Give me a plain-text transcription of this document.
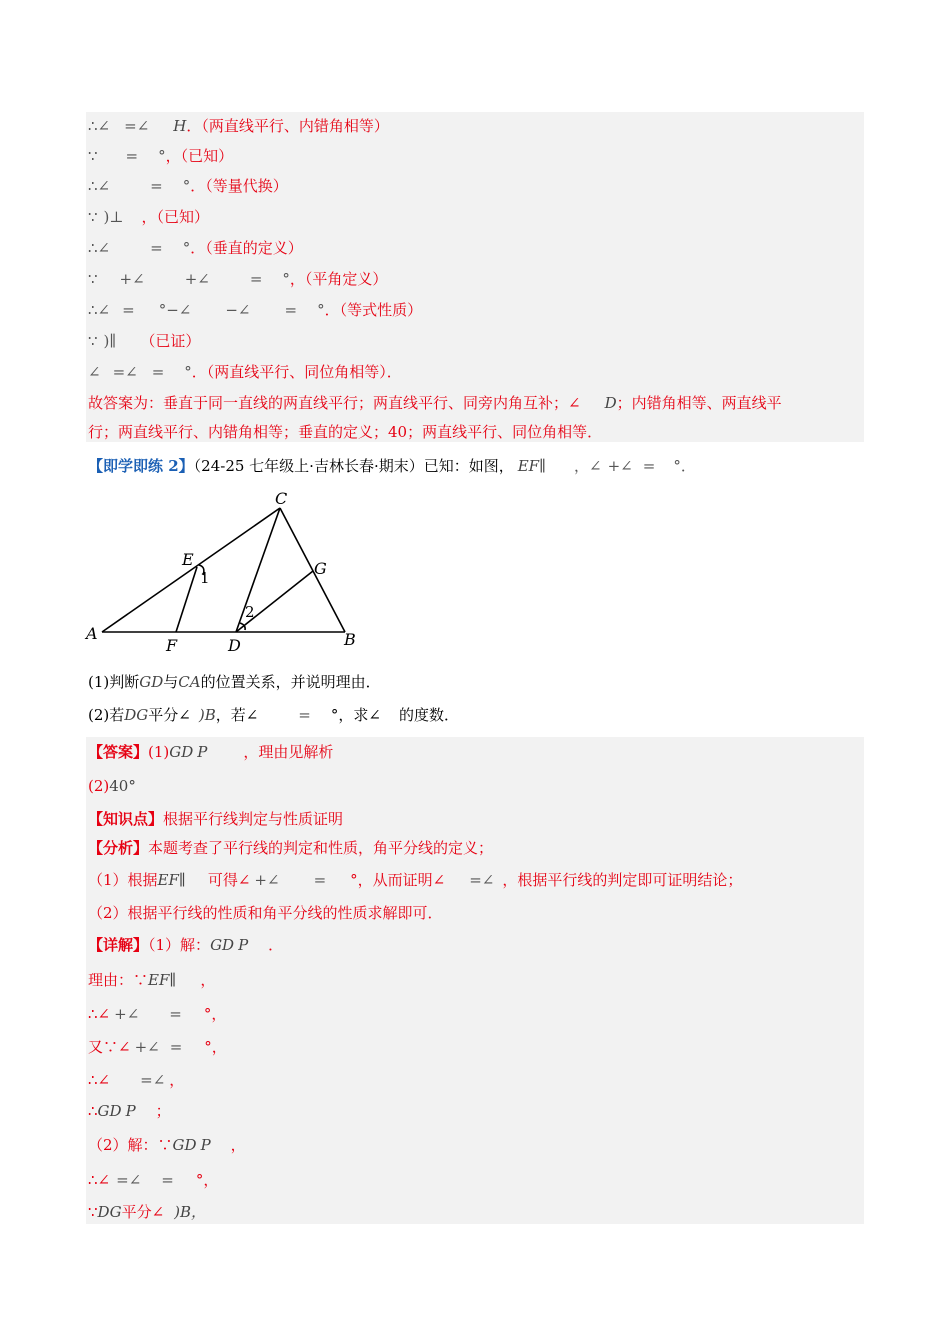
∴∠ =∠ H．（两直线平行、内错角相等）
∵ = °，（已知）
∴∠	= °．（等量代换）
∵ )⊥ ，（已知）
∴∠	= °．（垂直的定义）
∵ +∠	+∠	= °，（平角定义）
∴∠ = °−∠ −∠ = °．（等式性质）
∵ )∥ （已证）
∠ =∠ = °．（两直线平行、同位角相等）．
故答案为：垂直于同一直线的两直线平行；两直线平行、同旁内角互补；∠ D；内错角相等、两直线平
行；两直线平行、内错角相等；垂直的定义；40；两直线平行、同位角相等．
【即学即练 2】（24-25 七年级上·吉林长春·期末）已知：如图， EF∥ ，∠ +∠ = °．
A	B
C
D
E
F
G
1
2
(1)判断GD与CA的位置关系，并说明理由．
(2)若DG平分∠ )B，若∠	= °，求∠ 的度数．
【答案】(1)GD P ，理由见解析
(2)40°
【知识点】根据平行线判定与性质证明
【分析】本题考查了平行线的判定和性质，角平分线的定义；
（1）根据EF∥ 可得∠ +∠ = °，从而证明∠ =∠ ，根据平行线的判定即可证明结论；
（2）根据平行线的性质和角平分线的性质求解即可．
【详解】（1）解：GD P ．
理由：∵EF∥ ，
∴∠ +∠ = °，
又∵∠ +∠ = °，
∴∠ =∠ ，
∴GD P ；
（2）解：∵GD P ，
∴∠ =∠ = °，
∵DG平分∠ )B，
